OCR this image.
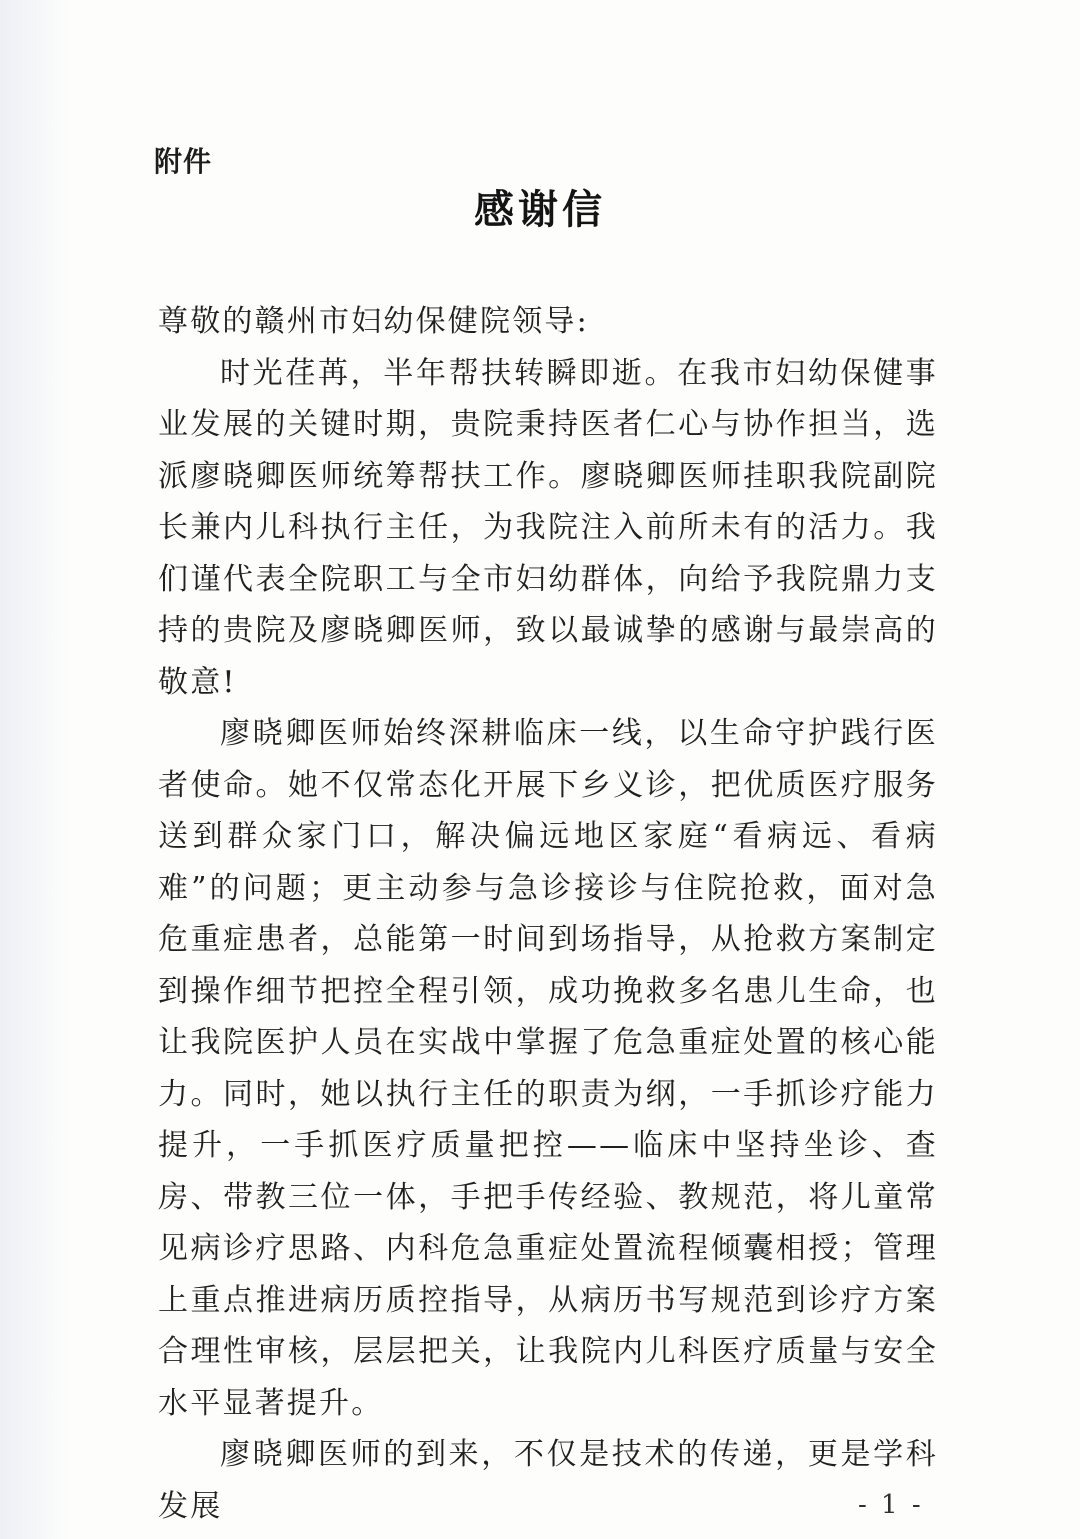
附件
感谢信

尊敬的赣州市妇幼保健院领导:

时光荏苒，半年帮扶转瞬即逝。在我市妇幼保健事业发展的关键时期，贵院秉持医者仁心与协作担当，选派廖晓卿医师统筹帮扶工作。廖晓卿医师挂职我院副院长兼内儿科执行主任，为我院注入前所未有的活力。我们谨代表全院职工与全市妇幼群体，向给予我院鼎力支持的贵院及廖晓卿医师，致以最诚挚的感谢与最崇高的敬意!

廖晓卿医师始终深耕临床一线，以生命守护践行医者使命。她不仅常态化开展下乡义诊，把优质医疗服务送到群众家门口，解决偏远地区家庭“看病远、看病难”的问题；更主动参与急诊接诊与住院抢救，面对急危重症患者，总能第一时间到场指导，从抢救方案制定到操作细节把控全程引领，成功挽救多名患儿生命，也让我院医护人员在实战中掌握了危急重症处置的核心能力。同时，她以执行主任的职责为纲，一手抓诊疗能力提升，一手抓医疗质量把控——临床中坚持坐诊、查房、带教三位一体，手把手传经验、教规范，将儿童常见病诊疗思路、内科危急重症处置流程倾囊相授；管理上重点推进病历质控指导，从病历书写规范到诊疗方案合理性审核，层层把关，让我院内儿科医疗质量与安全水平显著提升。

廖晓卿医师的到来，不仅是技术的传递，更是学科发展	- 1 -
